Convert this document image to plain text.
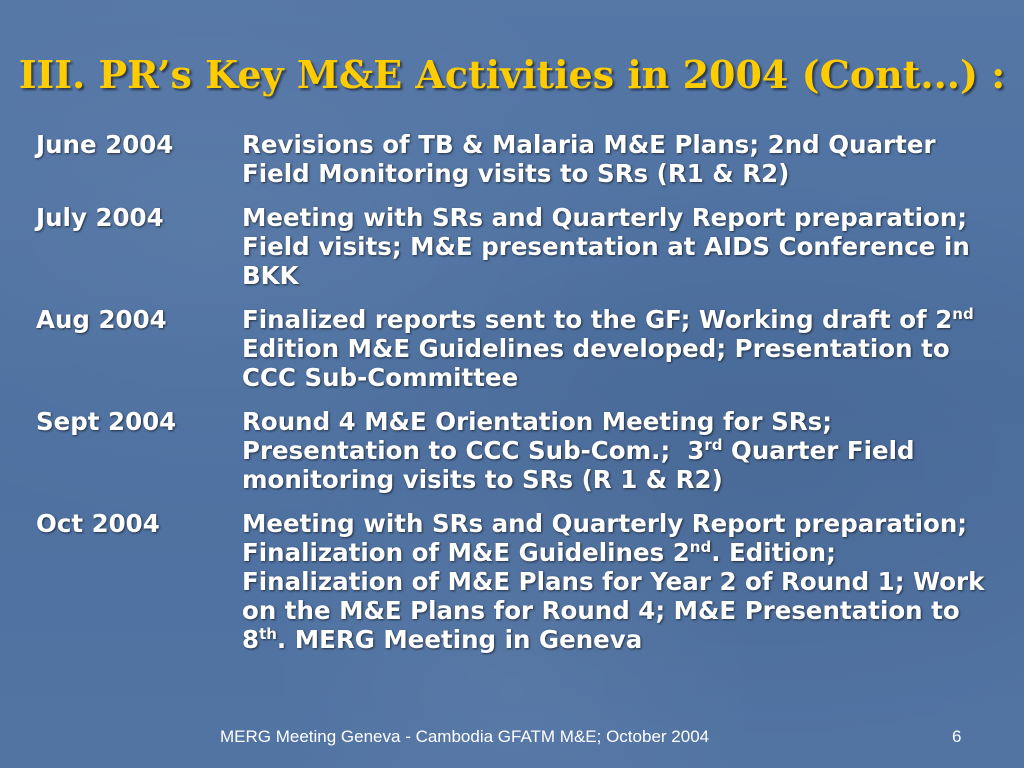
III. PR’s Key M&E Activities in 2004 (Cont...) :
June 2004	Revisions of TB & Malaria M&E Plans; 2nd Quarter Field Monitoring visits to SRs (R1 & R2)
July 2004	Meeting with SRs and Quarterly Report preparation; Field visits; M&E presentation at AIDS Conference in BKK
Aug 2004	Finalized reports sent to the GF; Working draft of 2nd Edition M&E Guidelines developed; Presentation to CCC Sub-Committee
Sept 2004	Round 4 M&E Orientation Meeting for SRs; Presentation to CCC Sub-Com.;  3rd Quarter Field monitoring visits to SRs (R 1 & R2)
Oct 2004	Meeting with SRs and Quarterly Report preparation; Finalization of M&E Guidelines 2nd. Edition;  Finalization of M&E Plans for Year 2 of Round 1; Work on the M&E Plans for Round 4; M&E Presentation to 8th. MERG Meeting in Geneva
MERG Meeting Geneva - Cambodia GFATM M&E; October 2004	6
